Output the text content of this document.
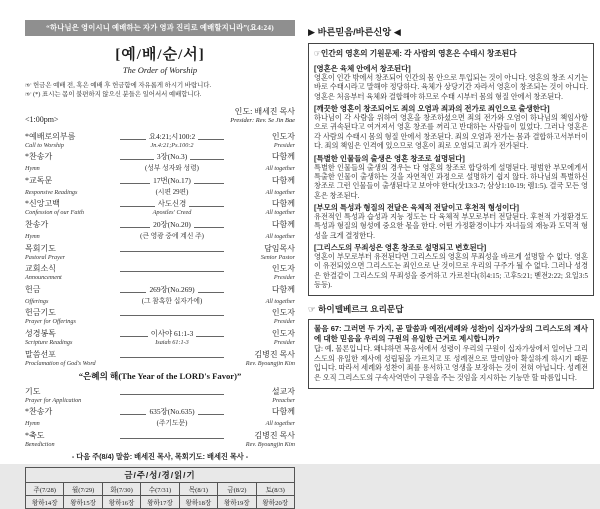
“하나님은 영이시니 예배하는 자가 영과 진리로 예배할지니라”(요4:24)
[예/배/순/서]
The Order of Worship
☞ 헌금은 예배 전, 혹은 예배 후 헌금함에 자유롭게 하시기 바랍니다.
☞ (*) 표시는 몸이 불편하지 않으신 분들은 일어서서 예배합니다.
<1:00pm>
인도: 배세진 목사
Presider: Rev. Se Jin Bae
*예배로의부름	요4:21;시100:2	인도자
Call to Worship	Jn.4:21;Ps.100:2	Presider
*찬송가	3장(No.3)	다함께
Hymn	(성부 성자와 성령)	All together
*교독문	17번(No.17)	다함께
Responsive Readings	(시편 29편)	All together
*신앙고백	사도신경	다함께
Confession of our Faith	Apostles' Creed	All together
찬송가	20장(No.20)	다함께
Hymn	(큰 영광 중에 계신 주)	All together
목회기도	담임목사
Pastoral Prayer	Senior Pastor
교회소식	인도자
Announcement	Presider
헌금	269장(No.269)	다함께
Offerings	(그 참혹한 십자가에)	All together
헌금기도	인도자
Prayer for Offerings	Presider
성경봉독	이사야 61:1-3	인도자
Scripture Readings	Isaiah 61:1-3	Presider
말씀선포	김병진 목사
Proclamation of God's Word	Rev. Byoungjin Kim
“은혜의 해(The Year of the LORD's Favor)”
기도	설교자
Prayer for Application	Preacher
*찬송가	635장(No.635)	다함께
Hymn	(주기도문)	All together
*축도	김병진 목사
Benediction	Rev. Byoungjin Kim
- 다음 주(8/4) 말씀: 배세진 목사, 목회기도: 배세진 목사 -
금/주/성/경/읽/기						
주(7/28)	월(7/29)	화(7/30)	수(7/31)	목(8/1)	금(8/2)	토(8/3)
왕하14장	왕하15장	왕하16장	왕하17장	왕하18장	왕하19장	왕하20장
▶ 바른믿음/바른신앙 ◀
☞인간의 영혼의 기원문제: 각 사람의 영혼은 수태시 창조된다
[영혼은 육체 안에서 창조된다]
영혼이 인간 밖에서 창조되어 인간의 몸 안으로 투입되는 것이 아니다. 영혼의 창조 시기는 바로 수태시라고 말해야 정당하다. 육체가 상당기간 자라서 영혼이 창조되는 것이 아니다. 영혼은 처음부터 육체와 결합해야 하므로 수태 시부터 몸의 형질 안에서 창조된다.
[깨끗한 영혼이 창조되어도 죄의 오염과 죄과의 전가로 죄인으로 출생한다]
하나님이 각 사람을 위하여 영혼을 창조하셨으면 죄의 전가와 오염이 하나님의 책임사항으로 귀속된다고 여겨져서 영혼 창조를 꺼리고 반대하는 사람들이 있었다. 그러나 영혼은 각 사람의 수태시 몸의 형질 안에서 창조된다. 죄의 오염과 전가는 몸과 결합하고서부터이다. 죄의 책임은 인격에 있으므로 영혼이 죄로 오염되고 죄가 전가된다.
[특별한 인물들의 출생은 영혼 창조로 설명된다]
특별한 인물들의 출생의 경우는 다 영혼의 창조로 합당하게 설명된다. 평범한 부모에게서 특출한 인물이 출생하는 것을 자연적인 과정으로 설명하기 쉽지 않다. 하나님의 특별하신 창조로 그런 인물들이 출생된다고 보아야 한다(삿13:3-7; 삼상1:10-19; 렘1:5). 결국 모든 영혼은 창조된다.
[부모의 특성과 형질의 전달은 육체적 전달이고 후천적 형성이다]
유전적인 특성과 습성과 지능 정도는 다 육체적 부모로부터 전달된다. 후천적 가정환경도 특성과 형질의 형성에 중요한 몫을 한다. 어떤 가정환경이냐가 자녀들의 재능과 도덕적 형성을 크게 결정한다.
[그리스도의 무죄성은 영혼 창조로 설명되고 변호된다]
영혼이 부모로부터 유전된다면 그리스도의 영혼의 무죄성을 바르게 설명할 수 없다. 영혼이 유전되었으면 그리스도는 죄인으로 난 것이므로 우리의 구주가 될 수 없다. 그러나 성경은 한결같이 그리스도의 무죄성을 증거하고 가르친다(히4:15; 고후5:21; 벧전2:22; 요일3:5 등등).
☞ 하이델베르크 요리문답
물음 67: 그러면 두 가지, 곧 말씀과 예전(세례와 성찬)이 십자가상의 그리스도의 제사에 대한 믿음을 우리의 구원의 유일한 근거로 제시합니까?
답: 예, 물론입니다. 왜냐하면 복음서에서 성령이 우리의 구원이 십자가상에서 일어난 그리스도의 유일한 제사에 성립됨을 가르치고 또 성례전으로 말미암아 확실하게 하시기 때문입니다. 따라서 세례와 성찬이 죄를 용서하고 영생을 보장하는 것이 전혀 아닙니다. 성례전은 오직 그리스도의 구속사역만이 구원을 주는 것임을 지시하는 기능만 할 따름입니다.
